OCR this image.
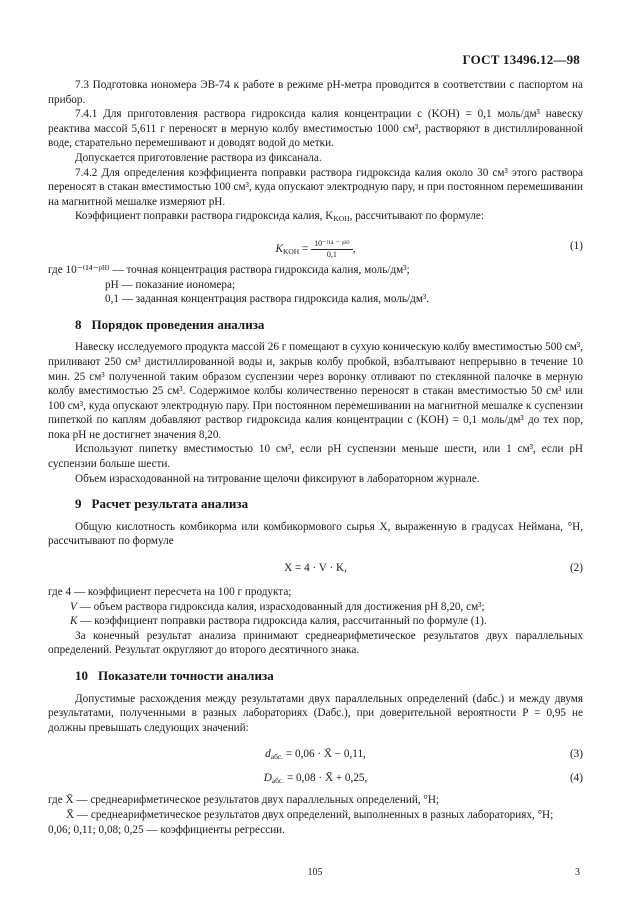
ГОСТ 13496.12—98

7.3 Подготовка иономера ЭВ-74 к работе в режиме рН-метра проводится в соответствии с паспортом на прибор.

7.4.1 Для приготовления раствора гидроксида калия концентрации c (KOH) = 0,1 моль/дм³ навеску реактива массой 5,611 г переносят в мерную колбу вместимостью 1000 см³, растворяют в дистиллированной воде, старательно перемешивают и доводят водой до метки.

Допускается приготовление раствора из фиксанала.

7.4.2 Для определения коэффициента поправки раствора гидроксида калия около 30 см³ этого раствора переносят в стакан вместимостью 100 см³, куда опускают электродную пару, и при постоянном перемешивании на магнитной мешалке измеряют рН.

Коэффициент поправки раствора гидроксида калия, $K_{KOH}$, рассчитывают по формуле:

$K_{KOH} = \frac{\text{10⁻⁽¹⁴ ⁻ ᵖᴴ⁾}}{0,1}$ ,	(1)

где 10⁻⁽¹⁴⁻ᵖᴴ⁾ — точная концентрация раствора гидроксида калия, моль/дм³;

рН — показание иономера;

0,1 — заданная концентрация раствора гидроксида калия, моль/дм³.

8 Порядок проведения анализа

Навеску исследуемого продукта массой 26 г помещают в сухую коническую колбу вместимостью 500 см³, приливают 250 см³ дистиллированной воды и, закрыв колбу пробкой, взбалтывают непрерывно в течение 10 мин. 25 см³ полученной таким образом суспензии через воронку отливают по стеклянной палочке в мерную колбу вместимостью 25 см³. Содержимое колбы количественно переносят в стакан вместимостью 50 см³ или 100 см³, куда опускают электродную пару. При постоянном перемешивании на магнитной мешалке к суспензии пипеткой по каплям добавляют раствор гидроксида калия концентрации c (KOH) = 0,1 моль/дм³ до тех пор, пока рН не достигнет значения 8,20.

Используют пипетку вместимостью 10 см³, если рН суспензии меньше шести, или 1 см³, если рН суспензии больше шести.

Объем израсходованной на титрование щелочи фиксируют в лабораторном журнале.

9 Расчет результата анализа

Общую кислотность комбикорма или комбикормового сырья X, выраженную в градусах Неймана, °Н, рассчитывают по формуле

X = 4 · V · K,	(2)

где 4 — коэффициент пересчета на 100 г продукта;

V — объем раствора гидроксида калия, израсходованный для достижения рН 8,20, см³;

K — коэффициент поправки раствора гидроксида калия, рассчитанный по формуле (1).

За конечный результат анализа принимают среднеарифметическое результатов двух параллельных определений. Результат округляют до второго десятичного знака.

10 Показатели точности анализа

Допустимые расхождения между результатами двух параллельных определений (dабс.) и между двумя результатами, полученными в разных лабораториях (Dабс.), при доверительной вероятности P = 0,95 не должны превышать следующих значений:

$d_{абс.} = 0,06$ · X̄ − 0,11,	(3)
$D_{абс.} = 0,08$ · X̄̄ + 0,25,	(4)

где X̄ — среднеарифметическое результатов двух параллельных определений, °Н;

X̄̄ — среднеарифметическое результатов двух определений, выполненных в разных лабораториях, °Н;

0,06; 0,11; 0,08; 0,25 — коэффициенты регрессии.

105	3
